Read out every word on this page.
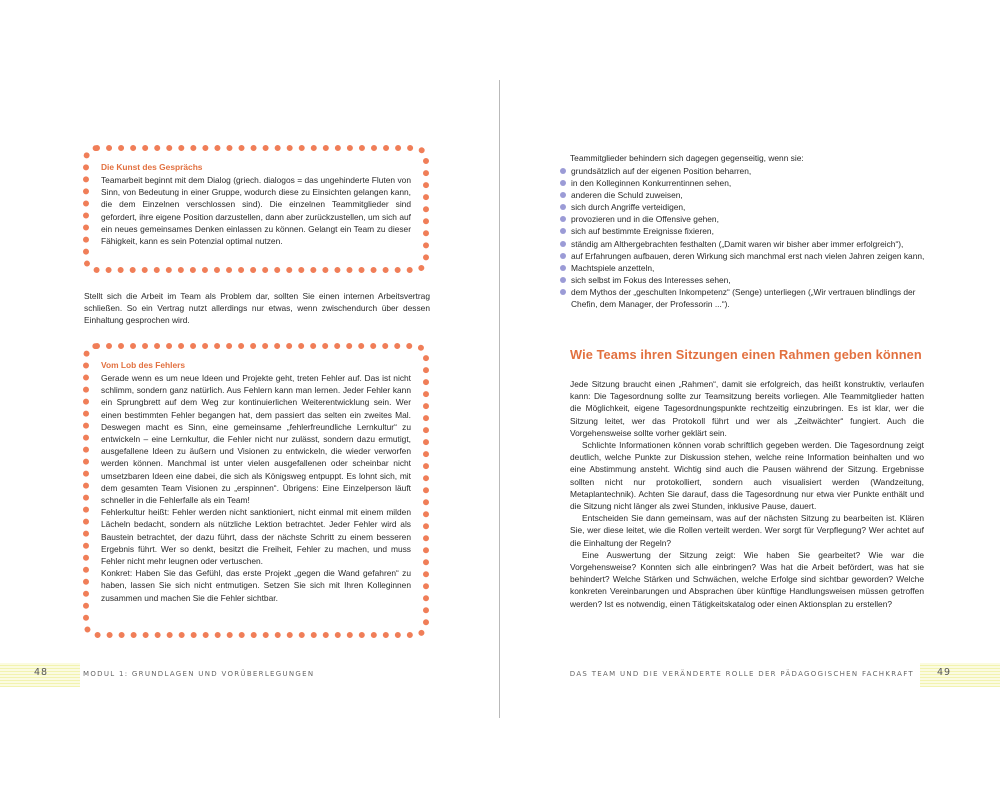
Die Kunst des Gesprächs
Teamarbeit beginnt mit dem Dialog (griech. dialogos = das ungehinderte Fluten von Sinn, von Bedeutung in einer Gruppe, wodurch diese zu Einsichten gelangen kann, die dem Einzelnen verschlossen sind). Die einzelnen Teammitglieder sind gefordert, ihre eigene Position darzustellen, dann aber zurückzustellen, um sich auf ein neues gemeinsames Denken einlassen zu können. Gelangt ein Team zu dieser Fähigkeit, kann es sein Potenzial optimal nutzen.
Stellt sich die Arbeit im Team als Problem dar, sollten Sie einen internen Arbeitsvertrag schließen. So ein Vertrag nutzt allerdings nur etwas, wenn zwischendurch über dessen Einhaltung gesprochen wird.
Vom Lob des Fehlers

Gerade wenn es um neue Ideen und Projekte geht, treten Fehler auf. Das ist nicht schlimm, sondern ganz natürlich. Aus Fehlern kann man lernen. Jeder Fehler kann ein Sprungbrett auf dem Weg zur kontinuierlichen Weiterentwicklung sein. Wer einen bestimmten Fehler begangen hat, dem passiert das selten ein zweites Mal. Deswegen macht es Sinn, eine gemeinsame „fehlerfreundliche Lernkultur“ zu entwickeln – eine Lernkultur, die Fehler nicht nur zulässt, sondern dazu ermutigt, ausgefallene Ideen zu äußern und Visionen zu entwickeln, die wieder verworfen werden können. Manchmal ist unter vielen ausgefallenen oder scheinbar nicht umsetzbaren Ideen eine dabei, die sich als Königsweg entpuppt. Es lohnt sich, mit dem gesamten Team Visionen zu „erspinnen“. Übrigens: Eine Einzelperson läuft schneller in die Fehlerfalle als ein Team!

Fehlerkultur heißt: Fehler werden nicht sanktioniert, nicht einmal mit einem milden Lächeln bedacht, sondern als nützliche Lektion betrachtet. Jeder Fehler wird als Baustein betrachtet, der dazu führt, dass der nächste Schritt zu einem besseren Ergebnis führt. Wer so denkt, besitzt die Freiheit, Fehler zu machen, und muss Fehler nicht mehr leugnen oder vertuschen.

Konkret: Haben Sie das Gefühl, das erste Projekt „gegen die Wand gefahren“ zu haben, lassen Sie sich nicht entmutigen. Setzen Sie sich mit Ihren Kolleginnen zusammen und machen Sie die Fehler sichtbar.

Teammitglieder behindern sich dagegen gegenseitig, wenn sie:
grundsätzlich auf der eigenen Position beharren,
in den Kolleginnen Konkurrentinnen sehen,
anderen die Schuld zuweisen,
sich durch Angriffe verteidigen,
provozieren und in die Offensive gehen,
sich auf bestimmte Ereignisse fixieren,
ständig am Althergebrachten festhalten („Damit waren wir bisher aber immer erfolgreich“),
auf Erfahrungen aufbauen, deren Wirkung sich manchmal erst nach vielen Jahren zeigen kann,
Machtspiele anzetteln,
sich selbst im Fokus des Interesses sehen,
dem Mythos der „geschulten Inkompetenz“ (Senge) unterliegen („Wir vertrauen blindlings der Chefin, dem Manager, der Professorin ...“).
Wie Teams ihren Sitzungen einen Rahmen geben können

Jede Sitzung braucht einen „Rahmen“, damit sie erfolgreich, das heißt konstruktiv, verlaufen kann: Die Tagesordnung sollte zur Teamsitzung bereits vorliegen. Alle Teammitglieder hatten die Möglichkeit, eigene Tagesordnungspunkte rechtzeitig einzubringen. Es ist klar, wer die Sitzung leitet, wer das Protokoll führt und wer als „Zeitwächter“ fungiert. Auch die Vorgehensweise sollte vorher geklärt sein.

Schlichte Informationen können vorab schriftlich gegeben werden. Die Tagesordnung zeigt deutlich, welche Punkte zur Diskussion stehen, welche reine Information beinhalten und wo eine Abstimmung ansteht. Wichtig sind auch die Pausen während der Sitzung. Ergebnisse sollten nicht nur protokolliert, sondern auch visualisiert werden (Wandzeitung, Metaplantechnik). Achten Sie darauf, dass die Tagesordnung nur etwa vier Punkte enthält und die Sitzung nicht länger als zwei Stunden, inklusive Pause, dauert.

Entscheiden Sie dann gemeinsam, was auf der nächsten Sitzung zu bearbeiten ist. Klären Sie, wer diese leitet, wie die Rollen verteilt werden. Wer sorgt für Verpflegung? Wer achtet auf die Einhaltung der Regeln?

Eine Auswertung der Sitzung zeigt: Wie haben Sie gearbeitet? Wie war die Vorgehensweise? Konnten sich alle einbringen? Was hat die Arbeit befördert, was hat sie behindert? Welche Stärken und Schwächen, welche Erfolge sind sichtbar geworden? Welche konkreten Vereinbarungen und Absprachen über künftige Handlungsweisen müssen getroffen werden? Ist es notwendig, einen Tätigkeitskatalog oder einen Aktionsplan zu erstellen?

48	MODUL 1: GRUNDLAGEN UND VORÜBERLEGUNGEN	49
DAS TEAM UND DIE VERÄNDERTE ROLLE DER PÄDAGOGISCHEN FACHKRAFT
